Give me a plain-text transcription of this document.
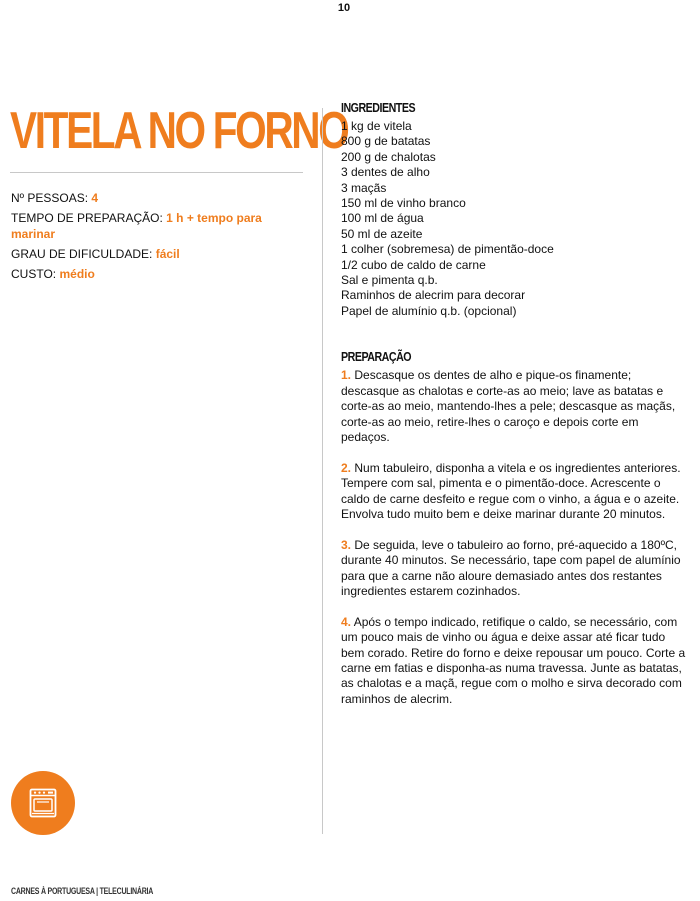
10
VITELA NO FORNO
Nº PESSOAS: 4
TEMPO DE PREPARAÇÃO: 1 h + tempo para marinar
GRAU DE DIFICULDADE: fácil
CUSTO: médio
INGREDIENTES
1 kg de vitela
800 g de batatas
200 g de chalotas
3 dentes de alho
3 maçãs
150 ml de vinho branco
100 ml de água
50 ml de azeite
1 colher (sobremesa) de pimentão-doce
1/2 cubo de caldo de carne
Sal e pimenta q.b.
Raminhos de alecrim para decorar
Papel de alumínio q.b. (opcional)
PREPARAÇÃO

1. Descasque os dentes de alho e pique-os finamente; descasque as chalotas e corte-as ao meio; lave as batatas e corte-as ao meio, mantendo-lhes a pele; descasque as maçãs, corte-as ao meio, retire-lhes o caroço e depois corte em pedaços.

2. Num tabuleiro, disponha a vitela e os ingredientes anteriores. Tempere com sal, pimenta e o pimentão-doce. Acrescente o caldo de carne desfeito e regue com o vinho, a água e o azeite. Envolva tudo muito bem e deixe marinar durante 20 minutos.

3. De seguida, leve o tabuleiro ao forno, pré-aquecido a 180ºC, durante 40 minutos. Se necessário, tape com papel de alumínio para que a carne não aloure demasiado antes dos restantes ingredientes estarem cozinhados.

4. Após o tempo indicado, retifique o caldo, se necessário, com um pouco mais de vinho ou água e deixe assar até ficar tudo bem corado. Retire do forno e deixe repousar um pouco. Corte a carne em fatias e disponha-as numa travessa. Junte as batatas, as chalotas e a maçã, regue com o molho e sirva decorado com raminhos de alecrim.

CARNES À PORTUGUESA | TELECULINÁRIA
